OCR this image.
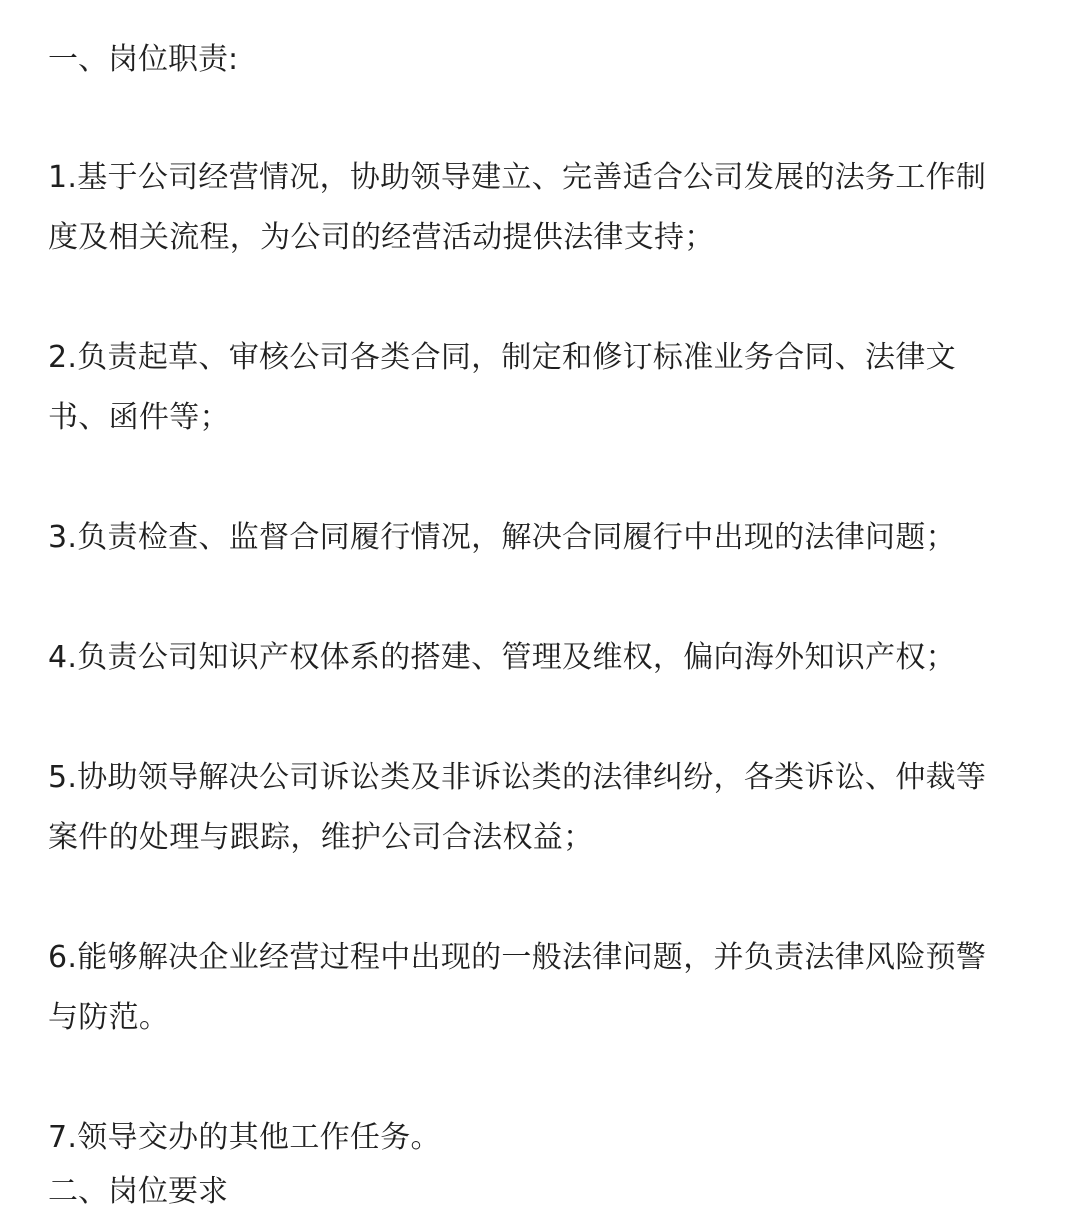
一、岗位职责:
1.基于公司经营情况，协助领导建立、完善适合公司发展的法务工作制
度及相关流程，为公司的经营活动提供法律支持；
2.负责起草、审核公司各类合同，制定和修订标准业务合同、法律文
书、函件等；
3.负责检查、监督合同履行情况，解决合同履行中出现的法律问题；
4.负责公司知识产权体系的搭建、管理及维权，偏向海外知识产权；
5.协助领导解决公司诉讼类及非诉讼类的法律纠纷，各类诉讼、仲裁等
案件的处理与跟踪，维护公司合法权益；
6.能够解决企业经营过程中出现的一般法律问题，并负责法律风险预警
与防范。
7.领导交办的其他工作任务。
二、岗位要求
